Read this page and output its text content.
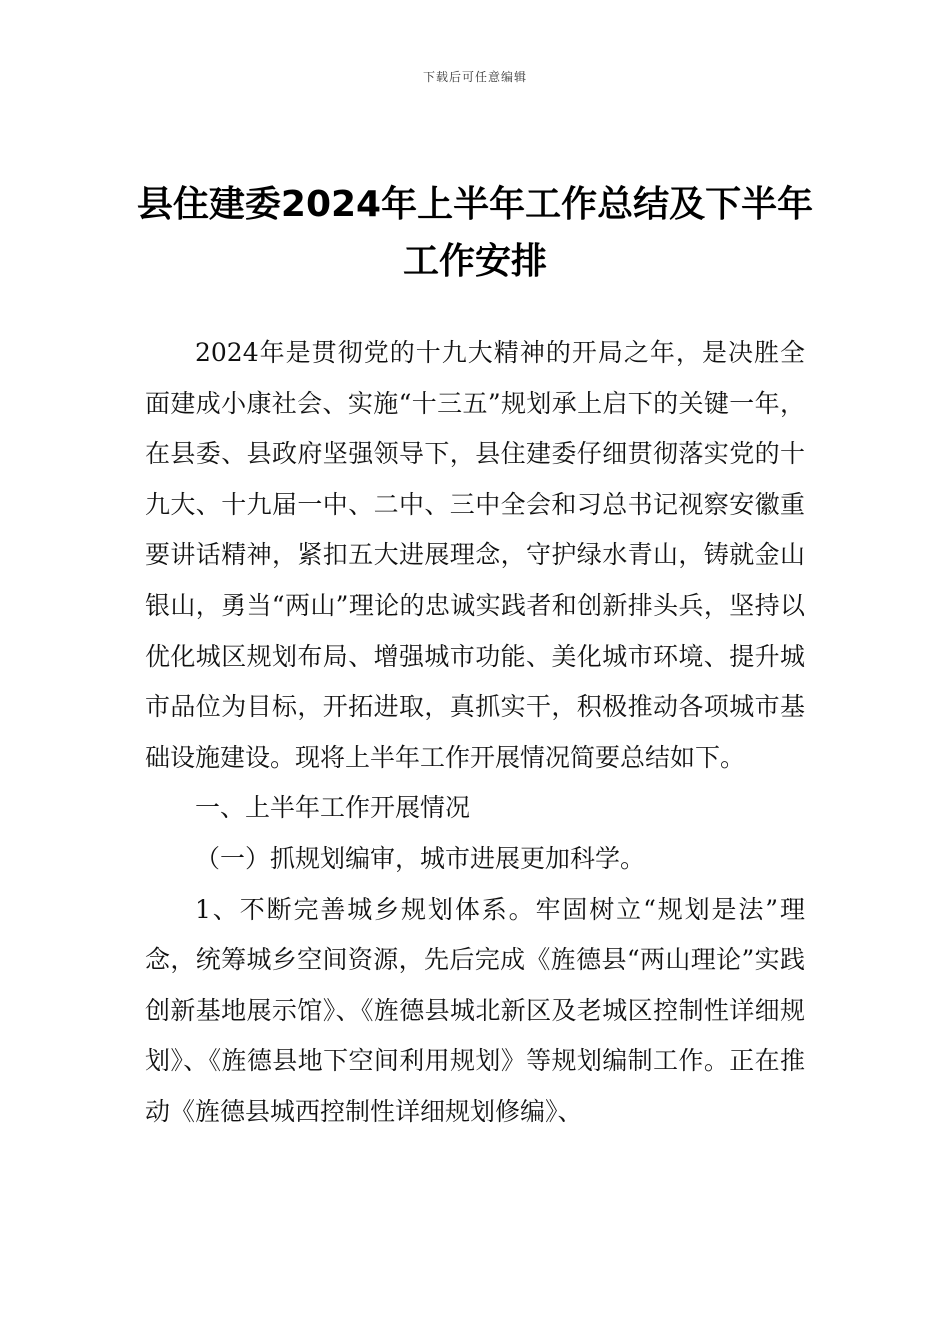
下载后可任意编辑
县住建委2024年上半年工作总结及下半年工作安排

2024年是贯彻党的十九大精神的开局之年，是决胜全面建成小康社会、实施“十三五”规划承上启下的关键一年，在县委、县政府坚强领导下，县住建委仔细贯彻落实党的十九大、十九届一中、二中、三中全会和习总书记视察安徽重要讲话精神，紧扣五大进展理念，守护绿水青山，铸就金山银山，勇当“两山”理论的忠诚实践者和创新排头兵，坚持以优化城区规划布局、增强城市功能、美化城市环境、提升城市品位为目标，开拓进取，真抓实干，积极推动各项城市基础设施建设。现将上半年工作开展情况简要总结如下。

一、上半年工作开展情况

（一）抓规划编审，城市进展更加科学。

1、不断完善城乡规划体系。牢固树立“规划是法”理念，统筹城乡空间资源，先后完成《旌德县“两山理论”实践创新基地展示馆》、《旌德县城北新区及老城区控制性详细规划》、《旌德县地下空间利用规划》等规划编制工作。正在推动《旌德县城西控制性详细规划修编》、
